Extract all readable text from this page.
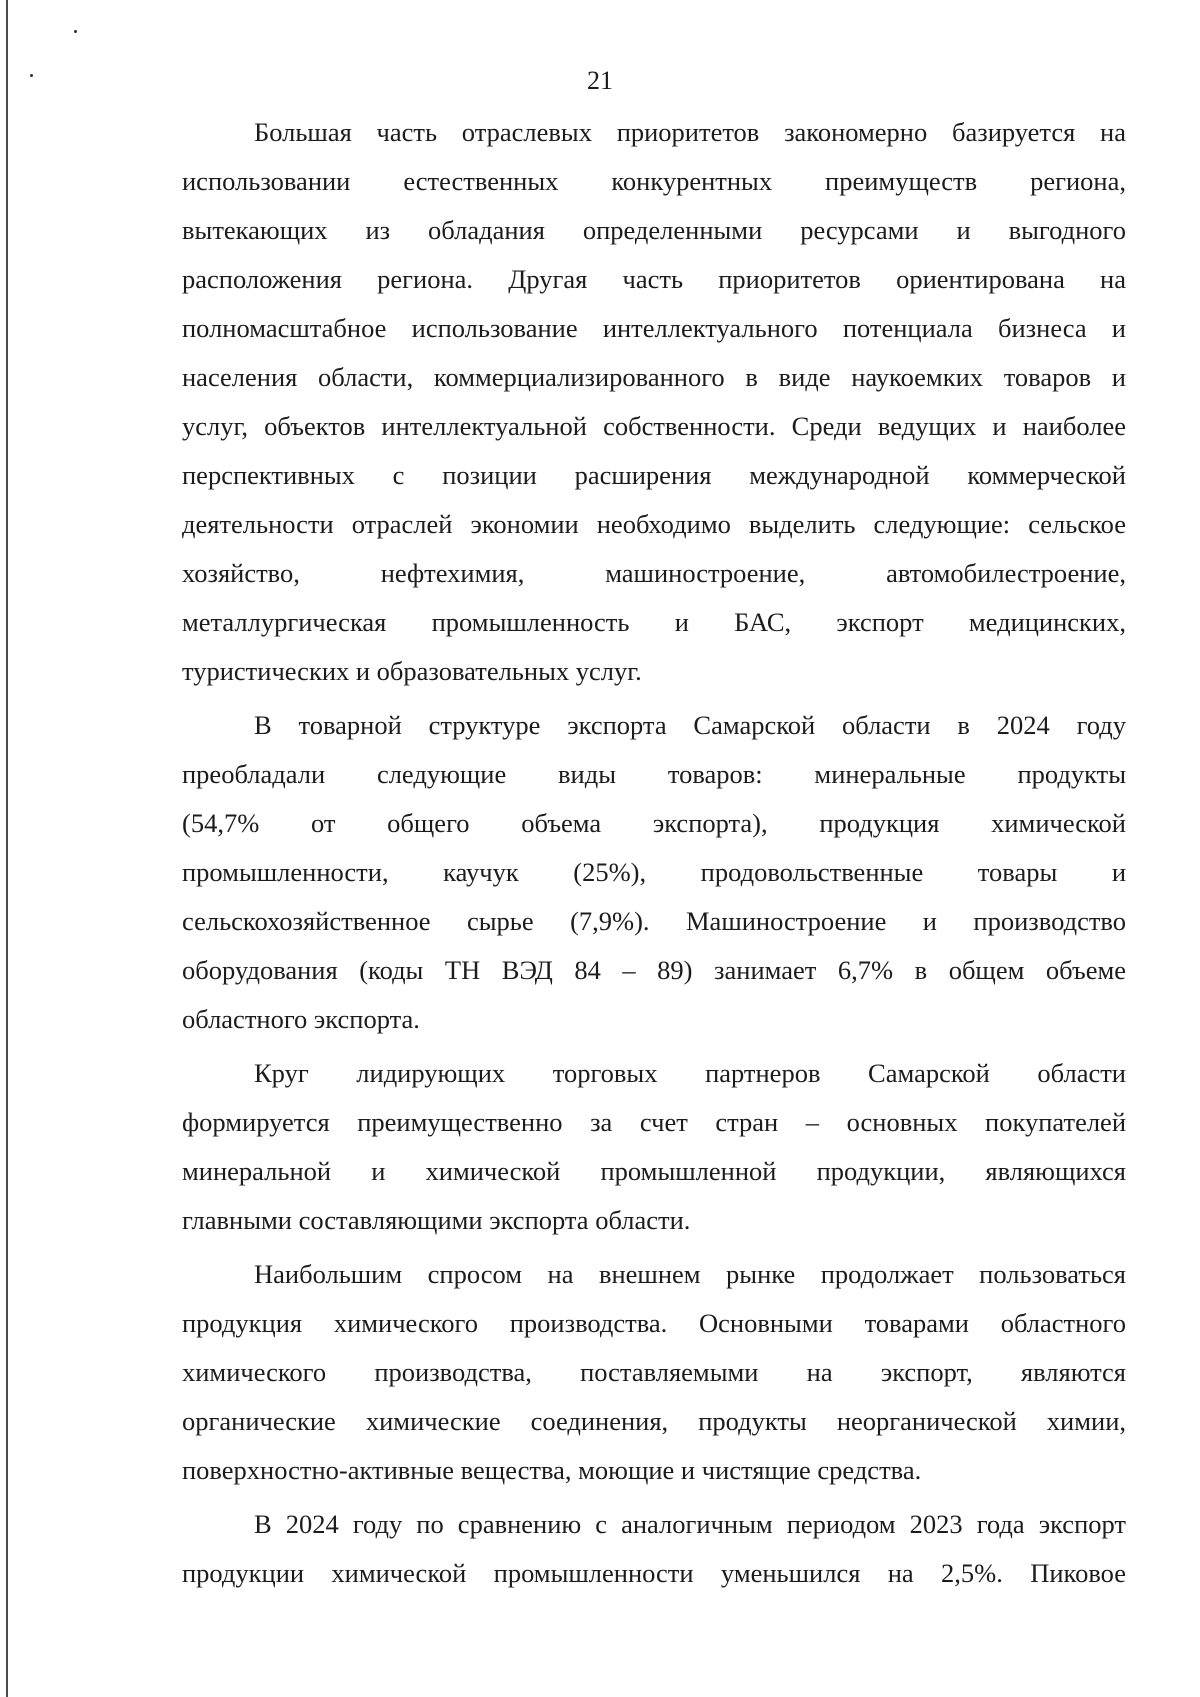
21
Большая часть отраслевых приоритетов закономерно базируется на
использовании естественных конкурентных преимуществ региона,
вытекающих из обладания определенными ресурсами и выгодного
расположения региона. Другая часть приоритетов ориентирована на
полномасштабное использование интеллектуального потенциала бизнеса и
населения области, коммерциализированного в виде наукоемких товаров и
услуг, объектов интеллектуальной собственности. Среди ведущих и наиболее
перспективных с позиции расширения международной коммерческой
деятельности отраслей экономии необходимо выделить следующие: сельское
хозяйство, нефтехимия, машиностроение, автомобилестроение,
металлургическая промышленность и БАС, экспорт медицинских,
туристических и образовательных услуг.
В товарной структуре экспорта Самарской области в 2024 году
преобладали следующие виды товаров: минеральные продукты
(54,7% от общего объема экспорта), продукция химической
промышленности, каучук (25%), продовольственные товары и
сельскохозяйственное сырье (7,9%). Машиностроение и производство
оборудования (коды ТН ВЭД 84 – 89) занимает 6,7% в общем объеме
областного экспорта.
Круг лидирующих торговых партнеров Самарской области
формируется преимущественно за счет стран – основных покупателей
минеральной и химической промышленной продукции, являющихся
главными составляющими экспорта области.
Наибольшим спросом на внешнем рынке продолжает пользоваться
продукция химического производства. Основными товарами областного
химического производства, поставляемыми на экспорт, являются
органические химические соединения, продукты неорганической химии,
поверхностно-активные вещества, моющие и чистящие средства.
В 2024 году по сравнению с аналогичным периодом 2023 года экспорт
продукции химической промышленности уменьшился на 2,5%. Пиковое
